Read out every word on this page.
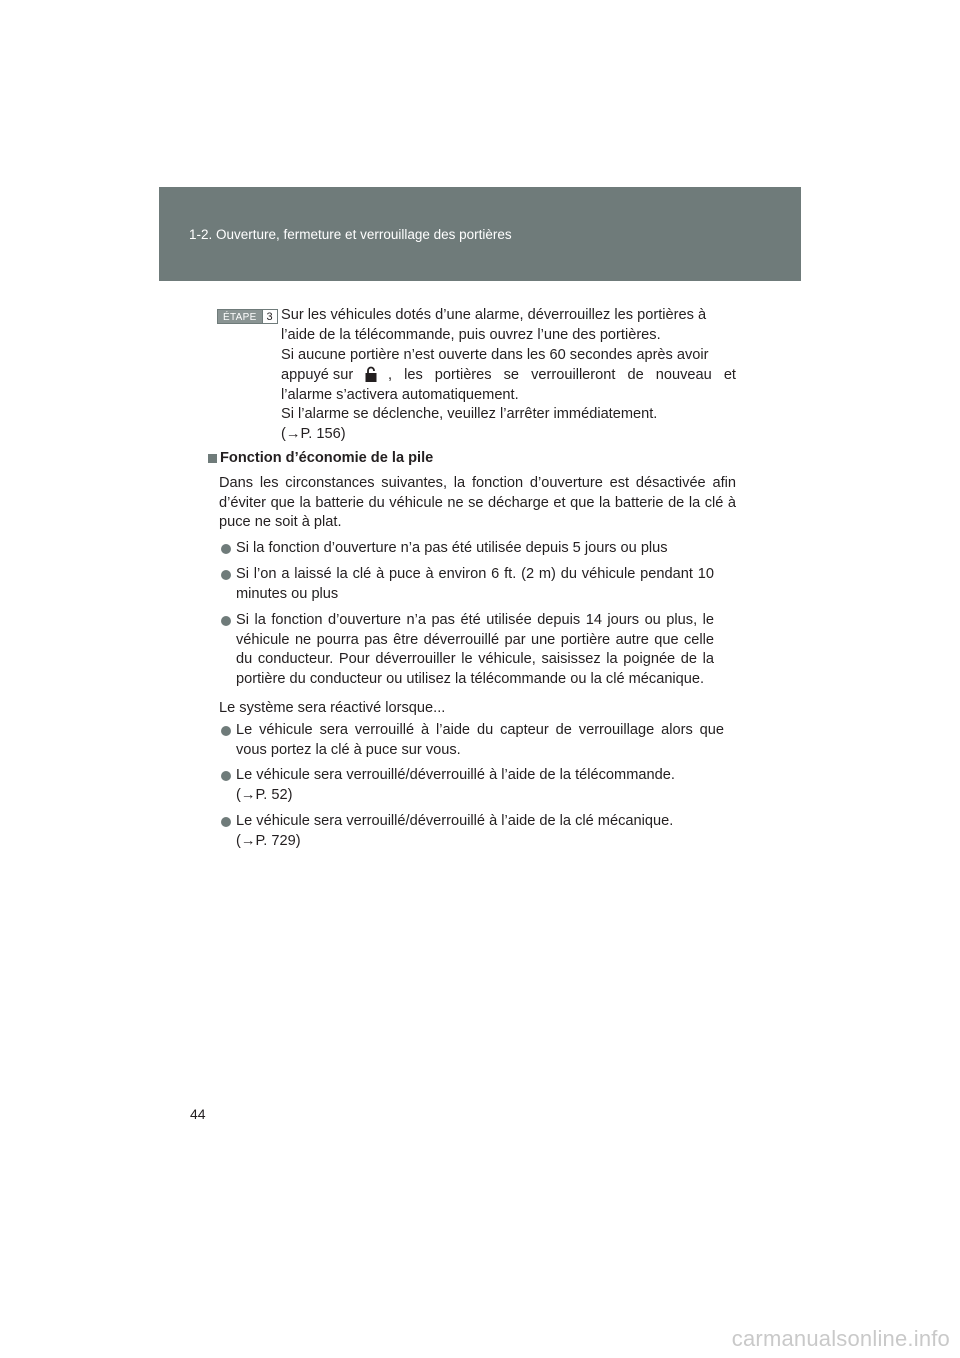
1-2. Ouverture, fermeture et verrouillage des portières
ÉTAPE 3 Sur les véhicules dotés d’une alarme, déverrouillez les portières à
l’aide de la télécommande, puis ouvrez l’une des portières.
Si aucune portière n’est ouverte dans les 60 secondes après avoir
appuyé sur , les portières se verrouilleront de nouveau et
l’alarme s’activera automatiquement.
Si l’alarme se déclenche, veuillez l’arrêter immédiatement.
(→P. 156)
Fonction d’économie de la pile
Dans les circonstances suivantes, la fonction d’ouverture est désactivée afin d’éviter que la batterie du véhicule ne se décharge et que la batterie de la clé à puce ne soit à plat.
Si la fonction d’ouverture n’a pas été utilisée depuis 5 jours ou plus
Si l’on a laissé la clé à puce à environ 6 ft. (2 m) du véhicule pendant 10 minutes ou plus
Si la fonction d’ouverture n’a pas été utilisée depuis 14 jours ou plus, le véhicule ne pourra pas être déverrouillé par une portière autre que celle du conducteur. Pour déverrouiller le véhicule, saisissez la poignée de la portière du conducteur ou utilisez la télécommande ou la clé mécanique.
Le système sera réactivé lorsque...
Le véhicule sera verrouillé à l’aide du capteur de verrouillage alors que vous portez la clé à puce sur vous.
Le véhicule sera verrouillé/déverrouillé à l’aide de la télécommande.
(→P. 52)
Le véhicule sera verrouillé/déverrouillé à l’aide de la clé mécanique.
(→P. 729)
44
carmanualsonline.info
